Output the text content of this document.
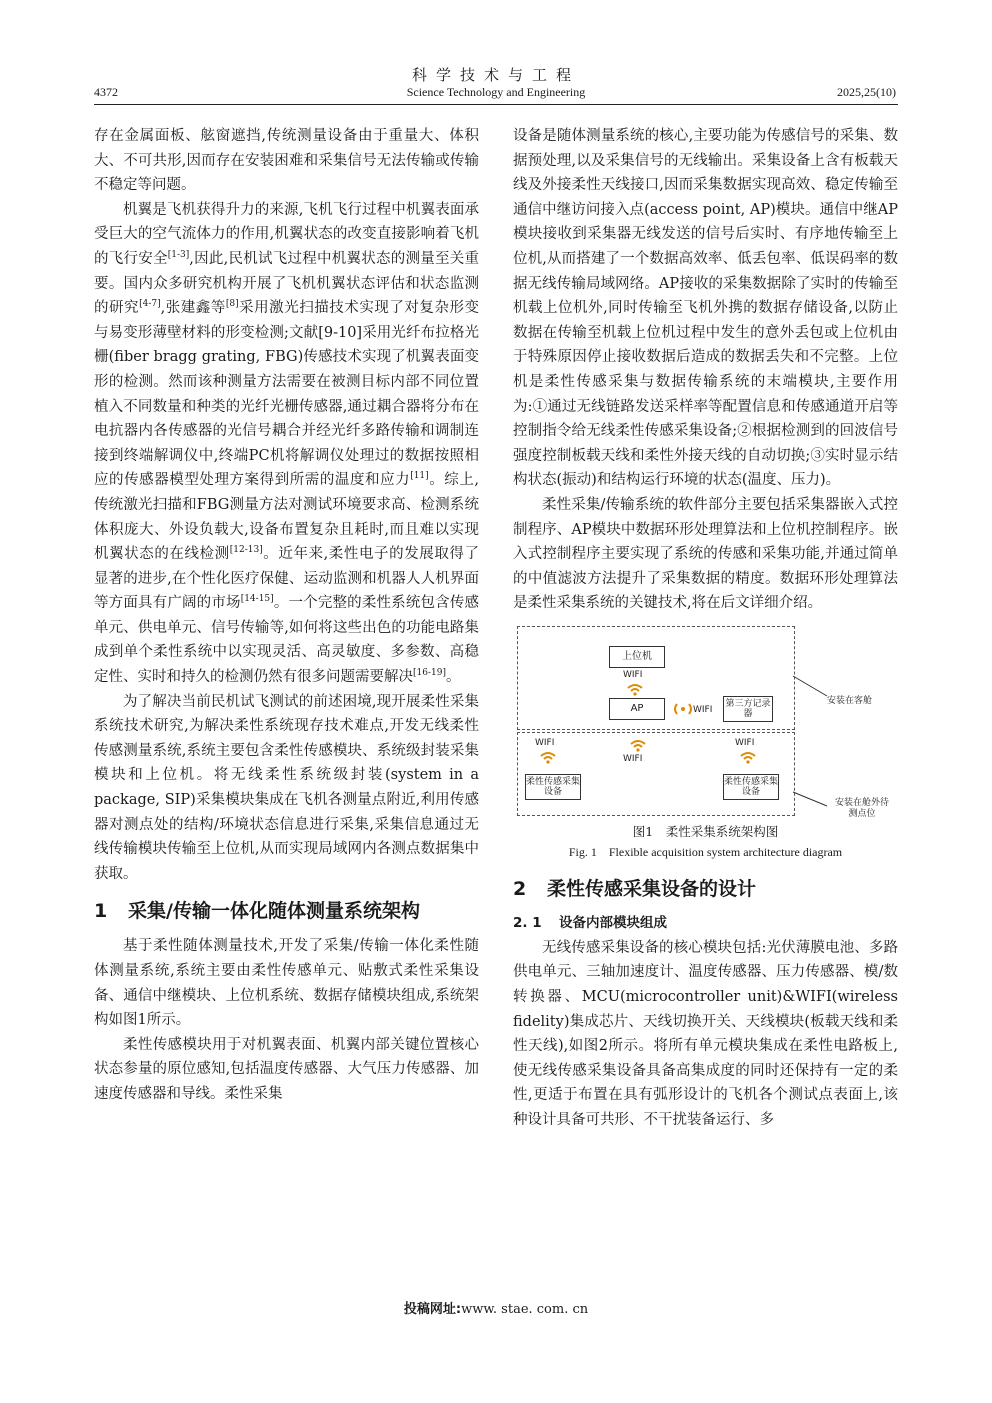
科学技术与工程
4372	Science Technology and Engineering	2025,25(10)

存在金属面板、舷窗遮挡,传统测量设备由于重量大、体积大、不可共形,因而存在安装困难和采集信号无法传输或传输不稳定等问题。

机翼是飞机获得升力的来源,飞机飞行过程中机翼表面承受巨大的空气流体力的作用,机翼状态的改变直接影响着飞机的飞行安全[1-3],因此,民机试飞过程中机翼状态的测量至关重要。国内众多研究机构开展了飞机机翼状态评估和状态监测的研究[4-7],张建鑫等[8]采用激光扫描技术实现了对复杂形变与易变形薄壁材料的形变检测;文献[9-10]采用光纤布拉格光栅(fiber bragg grating, FBG)传感技术实现了机翼表面变形的检测。然而该种测量方法需要在被测目标内部不同位置植入不同数量和种类的光纤光栅传感器,通过耦合器将分布在电抗器内各传感器的光信号耦合并经光纤多路传输和调制连接到终端解调仪中,终端PC机将解调仪处理过的数据按照相应的传感器模型处理方案得到所需的温度和应力[11]。综上,传统激光扫描和FBG测量方法对测试环境要求高、检测系统体积庞大、外设负载大,设备布置复杂且耗时,而且难以实现机翼状态的在线检测[12-13]。近年来,柔性电子的发展取得了显著的进步,在个性化医疗保健、运动监测和机器人人机界面等方面具有广阔的市场[14-15]。一个完整的柔性系统包含传感单元、供电单元、信号传输等,如何将这些出色的功能电路集成到单个柔性系统中以实现灵活、高灵敏度、多参数、高稳定性、实时和持久的检测仍然有很多问题需要解决[16-19]。

为了解决当前民机试飞测试的前述困境,现开展柔性采集系统技术研究,为解决柔性系统现存技术难点,开发无线柔性传感测量系统,系统主要包含柔性传感模块、系统级封装采集模块和上位机。将无线柔性系统级封装(system in a package, SIP)采集模块集成在飞机各测量点附近,利用传感器对测点处的结构/环境状态信息进行采集,采集信息通过无线传输模块传输至上位机,从而实现局域网内各测点数据集中获取。

1 采集/传输一体化随体测量系统架构

基于柔性随体测量技术,开发了采集/传输一体化柔性随体测量系统,系统主要由柔性传感单元、贴敷式柔性采集设备、通信中继模块、上位机系统、数据存储模块组成,系统架构如图1所示。

柔性传感模块用于对机翼表面、机翼内部关键位置核心状态参量的原位感知,包括温度传感器、大气压力传感器、加速度传感器和导线。柔性采集

设备是随体测量系统的核心,主要功能为传感信号的采集、数据预处理,以及采集信号的无线输出。采集设备上含有板载天线及外接柔性天线接口,因而采集数据实现高效、稳定传输至通信中继访问接入点(access point, AP)模块。通信中继AP模块接收到采集器无线发送的信号后实时、有序地传输至上位机,从而搭建了一个数据高效率、低丢包率、低误码率的数据无线传输局域网络。AP接收的采集数据除了实时的传输至机载上位机外,同时传输至飞机外携的数据存储设备,以防止数据在传输至机载上位机过程中发生的意外丢包或上位机由于特殊原因停止接收数据后造成的数据丢失和不完整。上位机是柔性传感采集与数据传输系统的末端模块,主要作用为:①通过无线链路发送采样率等配置信息和传感通道开启等控制指令给无线柔性传感采集设备;②根据检测到的回波信号强度控制板载天线和柔性外接天线的自动切换;③实时显示结构状态(振动)和结构运行环境的状态(温度、压力)。

柔性采集/传输系统的软件部分主要包括采集器嵌入式控制程序、AP模块中数据环形处理算法和上位机控制程序。嵌入式控制程序主要实现了系统的传感和采集功能,并通过简单的中值滤波方法提升了采集数据的精度。数据环形处理算法是柔性采集系统的关键技术,将在后文详细介绍。

上位机
WIFI
AP	WIFI
第三方记录器
WIFI
WIFI
WIFI
柔性传感采集设备
柔性传感采集设备
安装在客舱
安装在舱外待测点位
图1　柔性采集系统架构图
Fig. 1　Flexible acquisition system architecture diagram
2 柔性传感采集设备的设计
2. 1 设备内部模块组成

无线传感采集设备的核心模块包括:光伏薄膜电池、多路供电单元、三轴加速度计、温度传感器、压力传感器、模/数转换器、MCU(microcontroller unit)&WIFI(wireless fidelity)集成芯片、天线切换开关、天线模块(板载天线和柔性天线),如图2所示。将所有单元模块集成在柔性电路板上,使无线传感采集设备具备高集成度的同时还保持有一定的柔性,更适于布置在具有弧形设计的飞机各个测试点表面上,该种设计具备可共形、不干扰装备运行、多

投稿网址:www. stae. com. cn
